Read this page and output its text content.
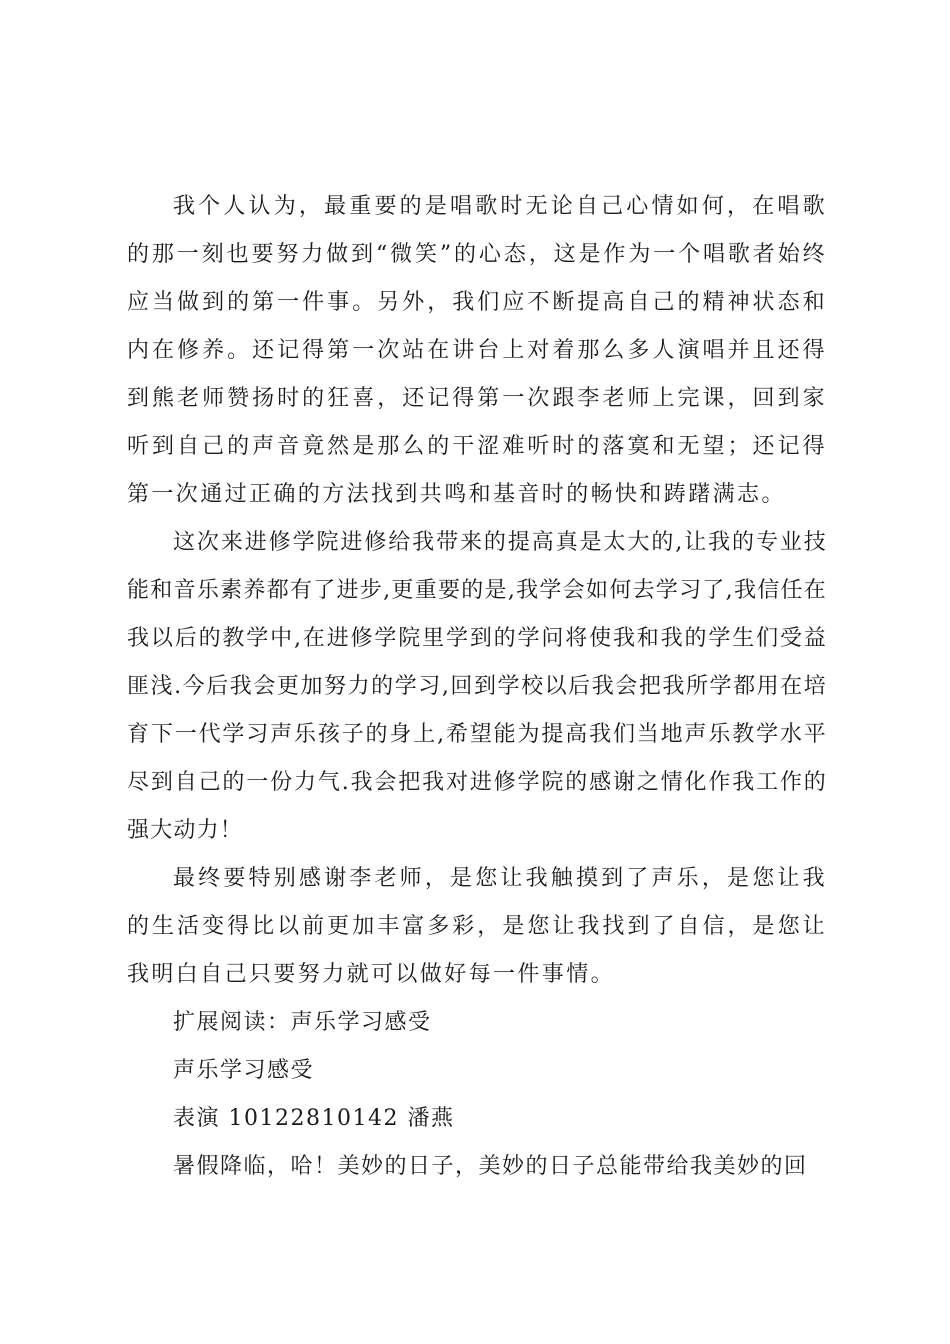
我个人认为，最重要的是唱歌时无论自己心情如何，在唱歌的那一刻也要努力做到“微笑”的心态，这是作为一个唱歌者始终应当做到的第一件事。另外，我们应不断提高自己的精神状态和内在修养。还记得第一次站在讲台上对着那么多人演唱并且还得到熊老师赞扬时的狂喜，还记得第一次跟李老师上完课，回到家听到自己的声音竟然是那么的干涩难听时的落寞和无望；还记得第一次通过正确的方法找到共鸣和基音时的畅快和踌躇满志。

这次来进修学院进修给我带来的提高真是太大的,让我的专业技能和音乐素养都有了进步,更重要的是,我学会如何去学习了,我信任在我以后的教学中,在进修学院里学到的学问将使我和我的学生们受益匪浅.今后我会更加努力的学习,回到学校以后我会把我所学都用在培育下一代学习声乐孩子的身上,希望能为提高我们当地声乐教学水平尽到自己的一份力气.我会把我对进修学院的感谢之情化作我工作的强大动力！

最终要特别感谢李老师，是您让我触摸到了声乐，是您让我的生活变得比以前更加丰富多彩，是您让我找到了自信，是您让我明白自己只要努力就可以做好每一件事情。

扩展阅读：声乐学习感受

声乐学习感受

表演 10122810142 潘燕

暑假降临，哈！美妙的日子，美妙的日子总能带给我美妙的回
